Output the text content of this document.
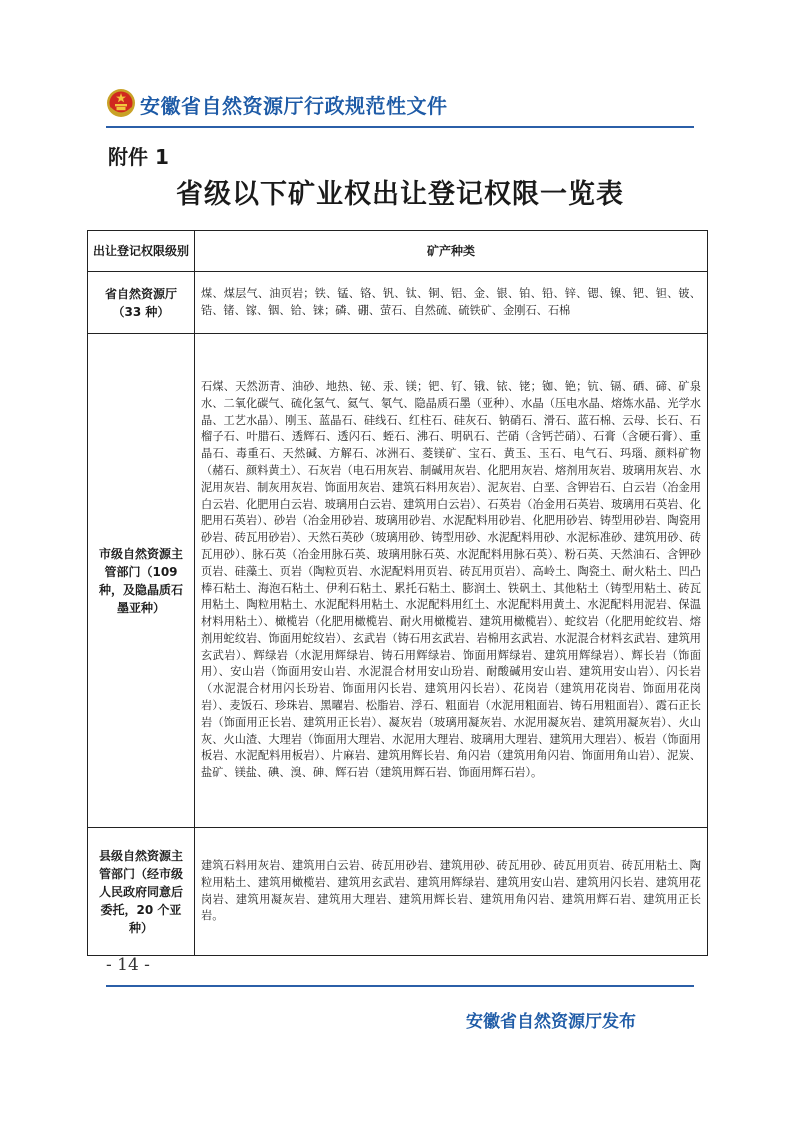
安徽省自然资源厅行政规范性文件
附件 1
省级以下矿业权出让登记权限一览表
出让登记权限级别	矿产种类
省自然资源厅（33 种）	煤、煤层气、油页岩；铁、锰、铬、钒、钛、铜、铝、金、银、铂、铅、锌、锶、镍、钯、钽、铍、锆、锗、镓、铟、铪、铼；磷、硼、萤石、自然硫、硫铁矿、金刚石、石棉
市级自然资源主管部门（109 种，及隐晶质石墨亚种）	石煤、天然沥青、油砂、地热、铋、汞、镁；钯、钌、锇、铱、铑；铷、铯；钪、镉、硒、碲、矿泉水、二氧化碳气、硫化氢气、氦气、氡气、隐晶质石墨（亚种）、水晶（压电水晶、熔炼水晶、光学水晶、工艺水晶）、刚玉、蓝晶石、硅线石、红柱石、硅灰石、钠硝石、滑石、蓝石棉、云母、长石、石榴子石、叶腊石、透辉石、透闪石、蛭石、沸石、明矾石、芒硝（含钙芒硝）、石膏（含硬石膏）、重晶石、毒重石、天然碱、方解石、冰洲石、菱镁矿、宝石、黄玉、玉石、电气石、玛瑙、颜料矿物（赭石、颜料黄土）、石灰岩（电石用灰岩、制碱用灰岩、化肥用灰岩、熔剂用灰岩、玻璃用灰岩、水泥用灰岩、制灰用灰岩、饰面用灰岩、建筑石料用灰岩）、泥灰岩、白垩、含钾岩石、白云岩（冶金用白云岩、化肥用白云岩、玻璃用白云岩、建筑用白云岩）、石英岩（冶金用石英岩、玻璃用石英岩、化肥用石英岩）、砂岩（冶金用砂岩、玻璃用砂岩、水泥配料用砂岩、化肥用砂岩、铸型用砂岩、陶瓷用砂岩、砖瓦用砂岩）、天然石英砂（玻璃用砂、铸型用砂、水泥配料用砂、水泥标准砂、建筑用砂、砖瓦用砂）、脉石英（冶金用脉石英、玻璃用脉石英、水泥配料用脉石英）、粉石英、天然油石、含钾砂页岩、硅藻土、页岩（陶粒页岩、水泥配料用页岩、砖瓦用页岩）、高岭土、陶瓷土、耐火粘土、凹凸棒石粘土、海泡石粘土、伊利石粘土、累托石粘土、膨润土、铁矾土、其他粘土（铸型用粘土、砖瓦用粘土、陶粒用粘土、水泥配料用粘土、水泥配料用红土、水泥配料用黄土、水泥配料用泥岩、保温材料用粘土）、橄榄岩（化肥用橄榄岩、耐火用橄榄岩、建筑用橄榄岩）、蛇纹岩（化肥用蛇纹岩、熔剂用蛇纹岩、饰面用蛇纹岩）、玄武岩（铸石用玄武岩、岩棉用玄武岩、水泥混合材料玄武岩、建筑用玄武岩）、辉绿岩（水泥用辉绿岩、铸石用辉绿岩、饰面用辉绿岩、建筑用辉绿岩）、辉长岩（饰面用）、安山岩（饰面用安山岩、水泥混合材用安山玢岩、耐酸碱用安山岩、建筑用安山岩）、闪长岩（水泥混合材用闪长玢岩、饰面用闪长岩、建筑用闪长岩）、花岗岩（建筑用花岗岩、饰面用花岗岩）、麦饭石、珍珠岩、黑曜岩、松脂岩、浮石、粗面岩（水泥用粗面岩、铸石用粗面岩）、霞石正长岩（饰面用正长岩、建筑用正长岩）、凝灰岩（玻璃用凝灰岩、水泥用凝灰岩、建筑用凝灰岩）、火山灰、火山渣、大理岩（饰面用大理岩、水泥用大理岩、玻璃用大理岩、建筑用大理岩）、板岩（饰面用板岩、水泥配料用板岩）、片麻岩、建筑用辉长岩、角闪岩（建筑用角闪岩、饰面用角山岩）、泥炭、盐矿、镁盐、碘、溴、砷、辉石岩（建筑用辉石岩、饰面用辉石岩）。
县级自然资源主管部门（经市级人民政府同意后委托，20 个亚种）	建筑石料用灰岩、建筑用白云岩、砖瓦用砂岩、建筑用砂、砖瓦用砂、砖瓦用页岩、砖瓦用粘土、陶粒用粘土、建筑用橄榄岩、建筑用玄武岩、建筑用辉绿岩、建筑用安山岩、建筑用闪长岩、建筑用花岗岩、建筑用凝灰岩、建筑用大理岩、建筑用辉长岩、建筑用角闪岩、建筑用辉石岩、建筑用正长岩。
- 14 -
安徽省自然资源厅发布
